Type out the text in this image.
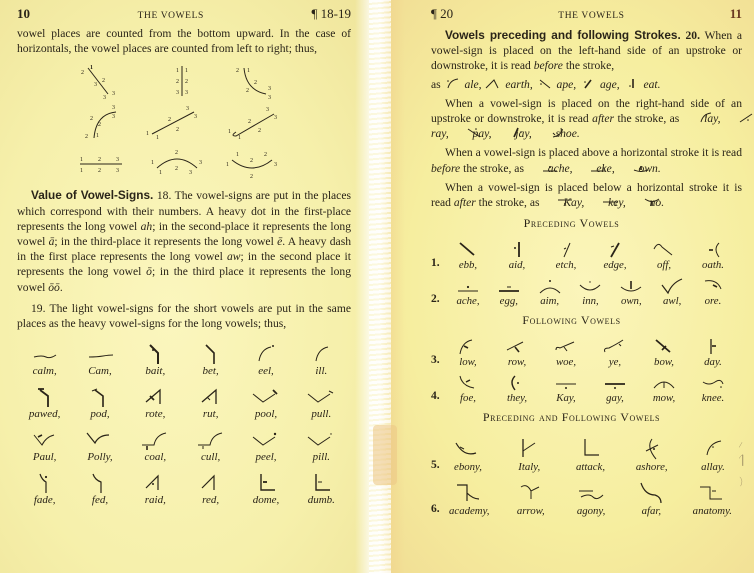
10	THE VOWELS	¶ 18-19

vowel places are counted from the bottom upward. In the case of horizontals, the vowel places are counted from left to right; thus,

1
2
2
3
3
3
1 1
2 2
3 3
2 1
2
2	3
3
3
3
2
2
2 1	1
1
2
2
3
3
1
1
2
2
3
3
1	2	3
1	2	3
1
2
3
1
2
3
1
1
2
2
2
3

Value of Vowel-Signs. 18. The vowel-signs are put in the places which correspond with their numbers. A heavy dot in the first-place represents the long vowel ah; in the second-place it represents the long vowel ā; in the third-place it represents the long vowel ē. A heavy dash in the first place represents the long vowel aw; in the second place it represents the long vowel ō; in the third place it represents the long vowel ōō.

19. The light vowel-signs for the short vowels are put in the same places as the heavy vowel-signs for the long vowels; thus,

calm,	Cam,	bait,	bet,	eel,	ill.
pawed,	pod,	rote,	rut,	pool,	pull.
Paul,	Polly,	coal,	cull,	peel,	pill.
fade,	fed,	raid,	red,	dome,	dumb.
¶ 20	THE VOWELS	11

Vowels preceding and following Strokes. 20. When a vowel-sign is placed on the left-hand side of an upstroke or downstroke, it is read before the stroke,

as ale, earth, ape, age, eat.

When a vowel-sign is placed on the right-hand side of an upstroke or downstroke, it is read after the stroke, as lay,  ray, pay, jay, shoe.

When a vowel-sign is placed above a horizontal stroke it is read before the stroke, as ache, eke, own.

When a vowel-sign is placed below a horizontal stroke it is read after the stroke, as Kay, key, no.

Preceding Vowels
1.	ebb,	aid,	etch,	edge,	off,	oath.
2.	ache, egg, aim, inn, own, awl, ore.
Following Vowels
3.	low,	row,	woe,	ye,	bow,	day.
4.	foe,	they,	Kay,	gay,	mow, knee.
Preceding and Following Vowels
5.	ebony,	Italy,	attack,	ashore,	allay.
6. academy,	arrow,	agony,	afar,	anatomy.
